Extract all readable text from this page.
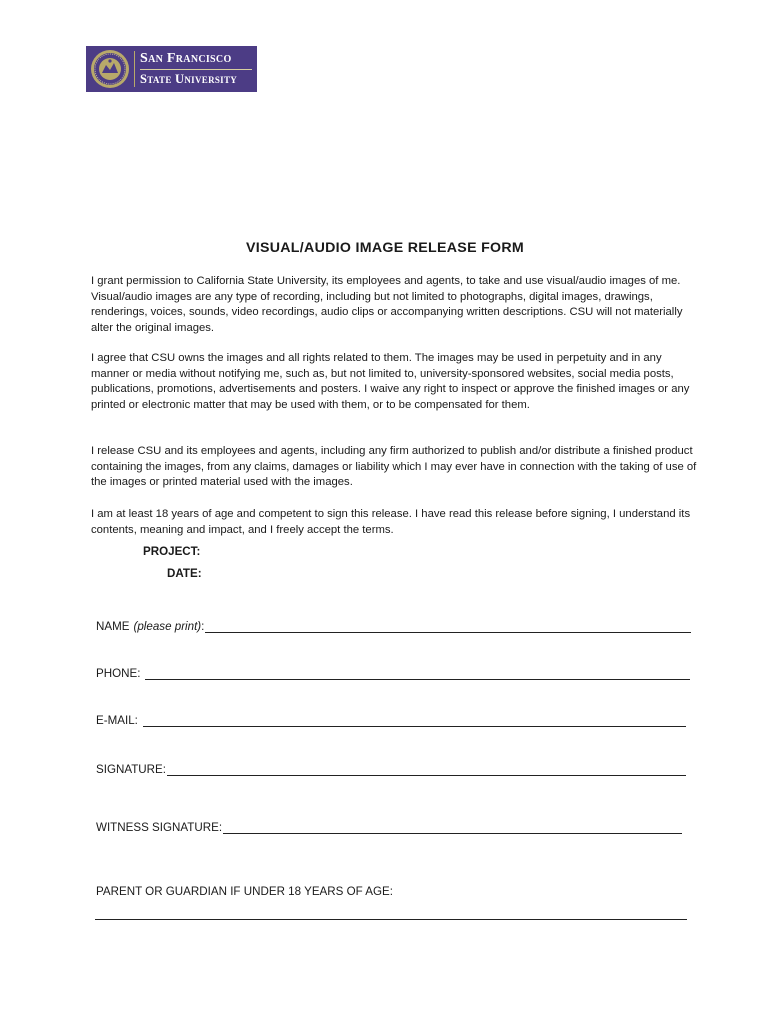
San Francisco
State University
VISUAL/AUDIO IMAGE RELEASE FORM

I grant permission to California State University, its employees and agents, to take and use visual/audio images of me. Visual/audio images are any type of recording, including but not limited to photographs, digital images, drawings, renderings, voices, sounds, video recordings, audio clips or accompanying written descriptions. CSU will not materially alter the original images.

I agree that CSU owns the images and all rights related to them. The images may be used in perpetuity and in any manner or media without notifying me, such as, but not limited to, university-sponsored websites, social media posts, publications, promotions, advertisements and posters. I waive any right to inspect or approve the finished images or any printed or electronic matter that may be used with them, or to be compensated for them.

I release CSU and its employees and agents, including any firm authorized to publish and/or distribute a finished product containing the images, from any claims, damages or liability which I may ever have in connection with the taking of use of the images or printed material used with the images.

I am at least 18 years of age and competent to sign this release. I have read this release before signing, I understand its contents, meaning and impact, and I freely accept the terms.

PROJECT:
DATE:
NAME (please print) :
PHONE:
E-MAIL:
SIGNATURE:
WITNESS SIGNATURE:
PARENT OR GUARDIAN IF UNDER 18 YEARS OF AGE:
